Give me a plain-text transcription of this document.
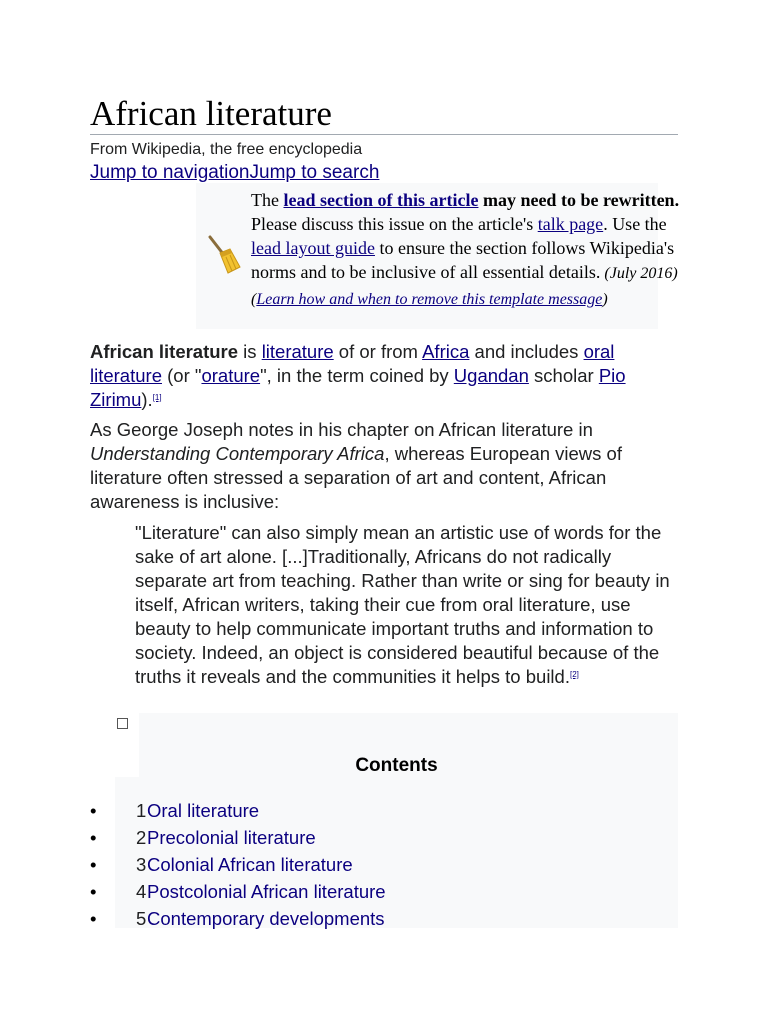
African literature
From Wikipedia, the free encyclopedia
Jump to navigationJump to search
The lead section of this article may need to be rewritten. Please discuss this issue on the article's talk page. Use the lead layout guide to ensure the section follows Wikipedia's norms and to be inclusive of all essential details. (July 2016) (Learn how and when to remove this template message)
African literature is literature of or from Africa and includes oral literature (or "orature", in the term coined by Ugandan scholar Pio Zirimu).[1]
As George Joseph notes in his chapter on African literature in Understanding Contemporary Africa, whereas European views of literature often stressed a separation of art and content, African awareness is inclusive:
"Literature" can also simply mean an artistic use of words for the sake of art alone. [...]Traditionally, Africans do not radically separate art from teaching. Rather than write or sing for beauty in itself, African writers, taking their cue from oral literature, use beauty to help communicate important truths and information to society. Indeed, an object is considered beautiful because of the truths it reveals and the communities it helps to build.[2]
Contents
• 1 Oral literature
• 2 Precolonial literature
• 3 Colonial African literature
• 4 Postcolonial African literature
• 5 Contemporary developments
